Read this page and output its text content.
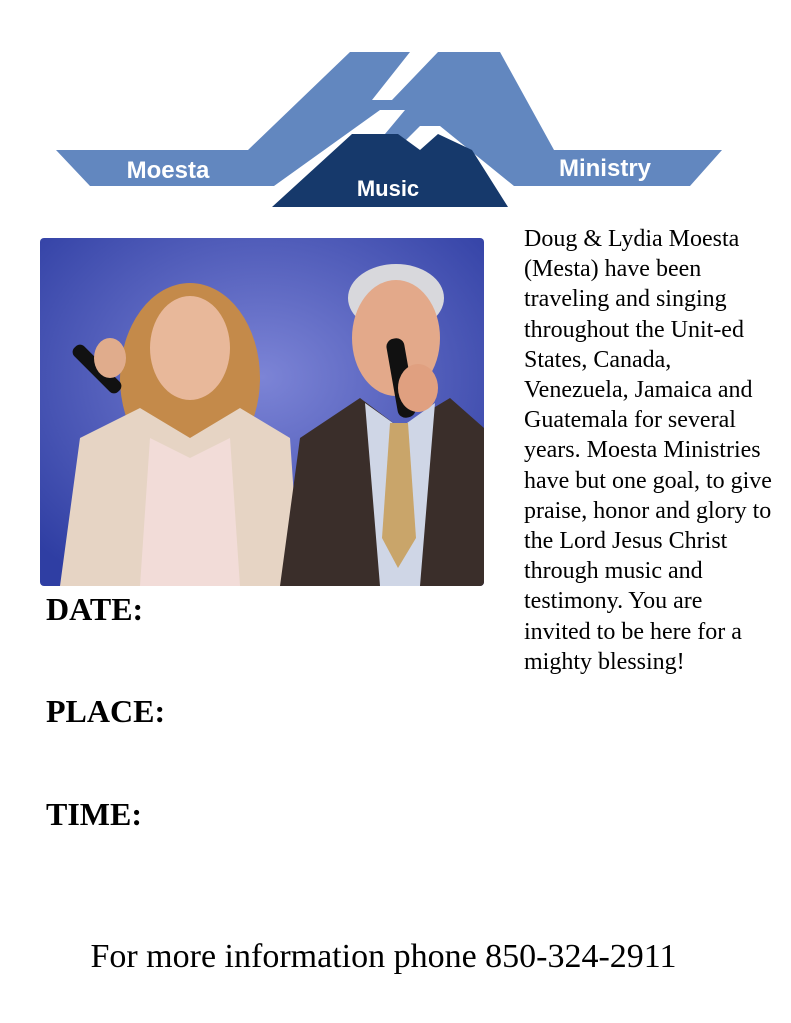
Moesta
Music
Ministry

Doug & Lydia Moesta (Mesta) have been traveling and singing throughout the Unit-ed States, Canada, Venezuela, Jamaica and Guatemala for several years. Moesta Ministries have but one goal, to give praise, honor and glory to the Lord Jesus Christ through music and testimony. You are invited to be here for a mighty blessing!

DATE:

PLACE:

TIME:

For more information phone 850-324-2911
